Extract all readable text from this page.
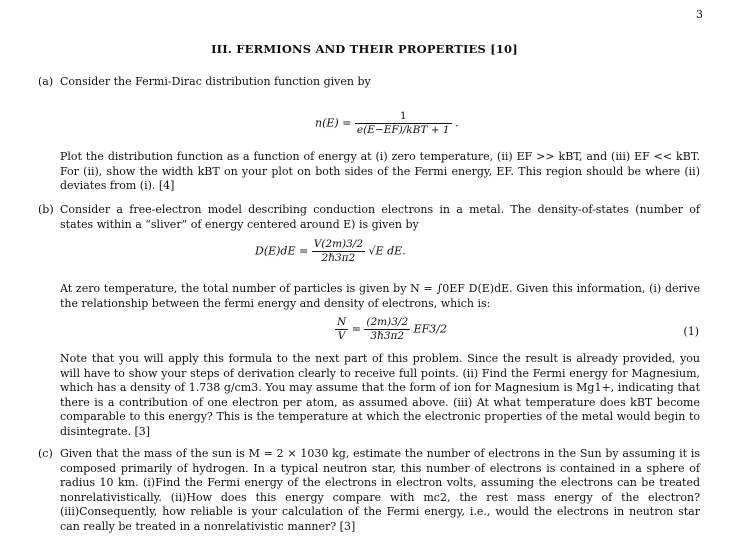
3
III. FERMIONS AND THEIR PROPERTIES [10]
(a) Consider the Fermi-Dirac distribution function given by
$n(E) = \frac{1}{\text{e(E−EF)/kBT + 1}}$ .
Plot the distribution function as a function of energy at (i) zero temperature, (ii) EF >> kBT, and (iii) EF << kBT. For (ii), show the width kBT on your plot on both sides of the Fermi energy, EF. This region should be where (ii) deviates from (i). [4]
(b) Consider a free-electron model describing conduction electrons in a metal. The density-of-states (number of states within a “sliver” of energy centered around E) is given by
$D(E)dE = \frac{V(2m)3/2}{\text{2ℏ3π2}} √E$ dE.
At zero temperature, the total number of particles is given by N = ∫0EF D(E)dE. Given this information, (i) derive the relationship between the fermi energy and density of electrons, which is:
$\frac{N}{V} = \frac{(2m)3/2}{\text{3ℏ3π2}} EF3/2$	(1)
Note that you will apply this formula to the next part of this problem. Since the result is already provided, you will have to show your steps of derivation clearly to receive full points. (ii) Find the Fermi energy for Magnesium, which has a density of 1.738 g/cm3. You may assume that the form of ion for Magnesium is Mg1+, indicating that there is a contribution of one electron per atom, as assumed above. (iii) At what temperature does kBT become comparable to this energy? This is the temperature at which the electronic properties of the metal would begin to disintegrate. [3]
(c) Given that the mass of the sun is M = 2 × 1030 kg, estimate the number of electrons in the Sun by assuming it is composed primarily of hydrogen. In a typical neutron star, this number of electrons is contained in a sphere of radius 10 km. (i)Find the Fermi energy of the electrons in electron volts, assuming the electrons can be treated nonrelativistically. (ii)How does this energy compare with mc2, the rest mass energy of the electron? (iii)Consequently, how reliable is your calculation of the Fermi energy, i.e., would the electrons in neutron star can really be treated in a nonrelativistic manner? [3]
